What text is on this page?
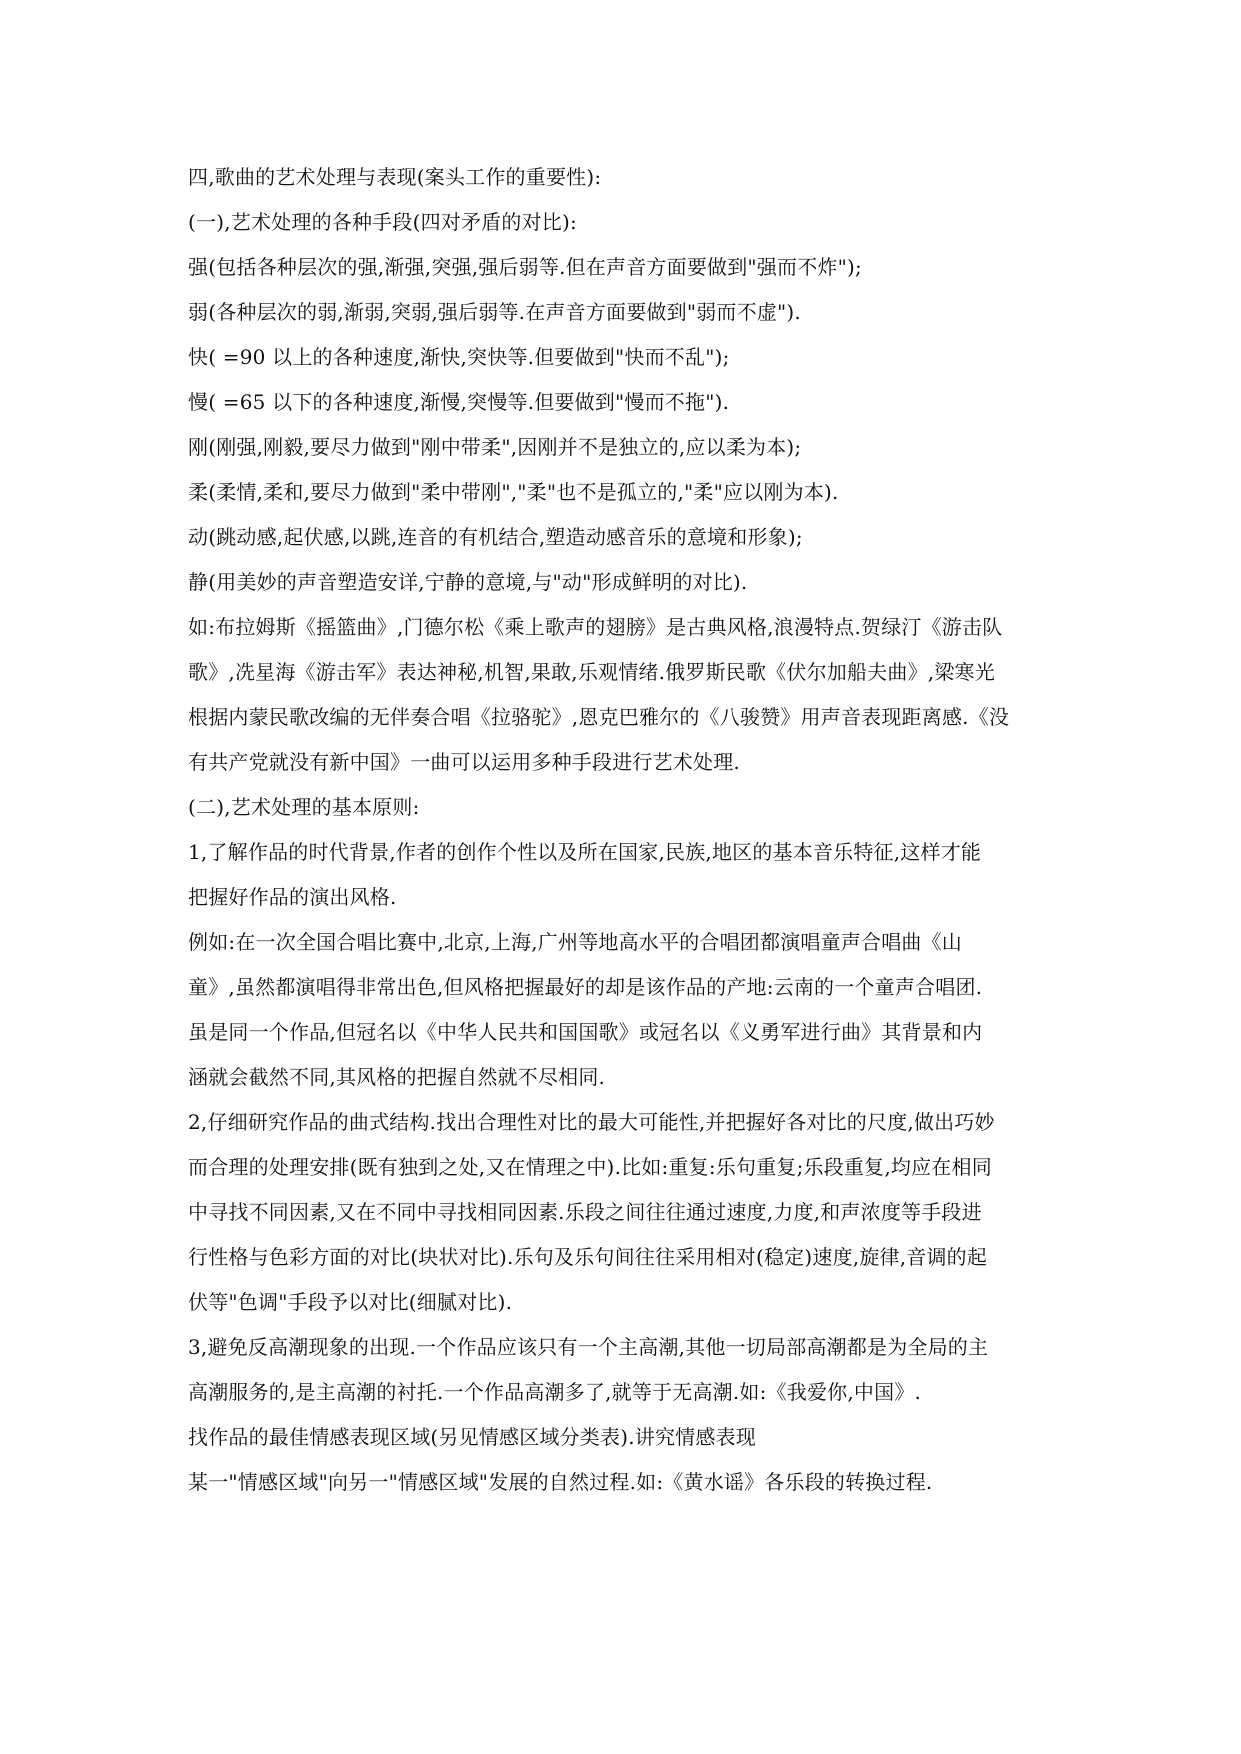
四,歌曲的艺术处理与表现(案头工作的重要性):
(一),艺术处理的各种手段(四对矛盾的对比):
强(包括各种层次的强,渐强,突强,强后弱等.但在声音方面要做到"强而不炸");
弱(各种层次的弱,渐弱,突弱,强后弱等.在声音方面要做到"弱而不虚").
快( =90 以上的各种速度,渐快,突快等.但要做到"快而不乱");
慢( =65 以下的各种速度,渐慢,突慢等.但要做到"慢而不拖").
刚(刚强,刚毅,要尽力做到"刚中带柔",因刚并不是独立的,应以柔为本);
柔(柔情,柔和,要尽力做到"柔中带刚","柔"也不是孤立的,"柔"应以刚为本).
动(跳动感,起伏感,以跳,连音的有机结合,塑造动感音乐的意境和形象);
静(用美妙的声音塑造安详,宁静的意境,与"动"形成鲜明的对比).
如:布拉姆斯《摇篮曲》,门德尔松《乘上歌声的翅膀》是古典风格,浪漫特点.贺绿汀《游击队
歌》,冼星海《游击军》表达神秘,机智,果敢,乐观情绪.俄罗斯民歌《伏尔加船夫曲》,梁寒光
根据内蒙民歌改编的无伴奏合唱《拉骆驼》,恩克巴雅尔的《八骏赞》用声音表现距离感.《没
有共产党就没有新中国》一曲可以运用多种手段进行艺术处理.
(二),艺术处理的基本原则:
1,了解作品的时代背景,作者的创作个性以及所在国家,民族,地区的基本音乐特征,这样才能
把握好作品的演出风格.
例如:在一次全国合唱比赛中,北京,上海,广州等地高水平的合唱团都演唱童声合唱曲《山
童》,虽然都演唱得非常出色,但风格把握最好的却是该作品的产地:云南的一个童声合唱团.
虽是同一个作品,但冠名以《中华人民共和国国歌》或冠名以《义勇军进行曲》其背景和内
涵就会截然不同,其风格的把握自然就不尽相同.
2,仔细研究作品的曲式结构.找出合理性对比的最大可能性,并把握好各对比的尺度,做出巧妙
而合理的处理安排(既有独到之处,又在情理之中).比如:重复:乐句重复;乐段重复,均应在相同
中寻找不同因素,又在不同中寻找相同因素.乐段之间往往通过速度,力度,和声浓度等手段进
行性格与色彩方面的对比(块状对比).乐句及乐句间往往采用相对(稳定)速度,旋律,音调的起
伏等"色调"手段予以对比(细腻对比).
3,避免反高潮现象的出现.一个作品应该只有一个主高潮,其他一切局部高潮都是为全局的主
高潮服务的,是主高潮的衬托.一个作品高潮多了,就等于无高潮.如:《我爱你,中国》.
找作品的最佳情感表现区域(另见情感区域分类表).讲究情感表现
某一"情感区域"向另一"情感区域"发展的自然过程.如:《黄水谣》各乐段的转换过程.
